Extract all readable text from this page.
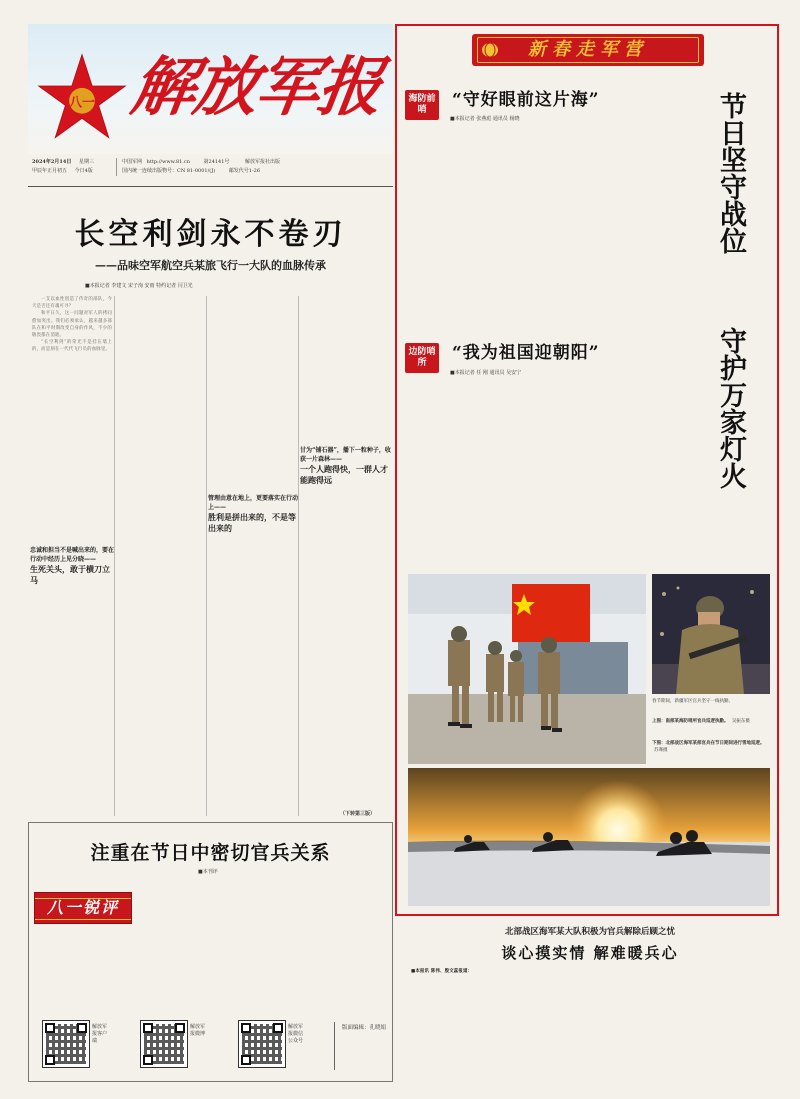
八一 解放军报
2024年2月14日 星期三
甲辰年正月初五 今日4版
中国军网 http://www.81.cn	第24141号	解放军报社出版
国内统一连续出版物号：CN 81-0001/(J)	邮发代号1-26
长空利剑永不卷刃
——品味空军航空兵某旅飞行一大队的血脉传承
■本报记者 李建文 宋子洵 安雨 特约记者 闫卫光

一支以血性创造了传奇的部队，今天是否还有魂可寻？

和平日久，这一问题对军人的拷问愈加突出。我们必须承认，越来越多部队在和平时期改变自身的作风，不少的敬畏都在消逝。

“长空利剑”的荣光不是挂在墙上的，而是刻在一代代飞行员的血脉里。

忠诚和担当不是喊出来的，要在行动中经历上见分晓——
生死关头，敢于横刀立马
管理由意在地上，更要落实在行动上——
胜利是拼出来的，不是等出来的
甘为“铺石器”，播下一粒种子，收获一片森林——
一个人跑得快，一群人才能跑得远
（下转第三版）
注重在节日中密切官兵关系
■本刊评
八一锐评
解放军报客户端
解放军报微博
解放军报微信公众号
版面编辑：孔晓娟
新春走军营
节日坚守战位
守护万家灯火
海防前哨	“守好眼前这片海”
■本报记者 张燕彪 通讯员 杨晓
边防哨所	“我为祖国迎朝阳”
■本报记者 任 刚 通讯员 吴安宁
春节期间，新疆军区官兵坚守一线执勤。
上图：南部某海防哨所官兵巡逻执勤。 吴振东摄
下图：北部战区海军某部官兵在节日期间进行雪地巡逻。 苏骞摄
北部战区海军某大队积极为官兵解除后顾之忧
谈心摸实情 解难暖兵心

■本报讯 陈伟、殷文蕊报道：
